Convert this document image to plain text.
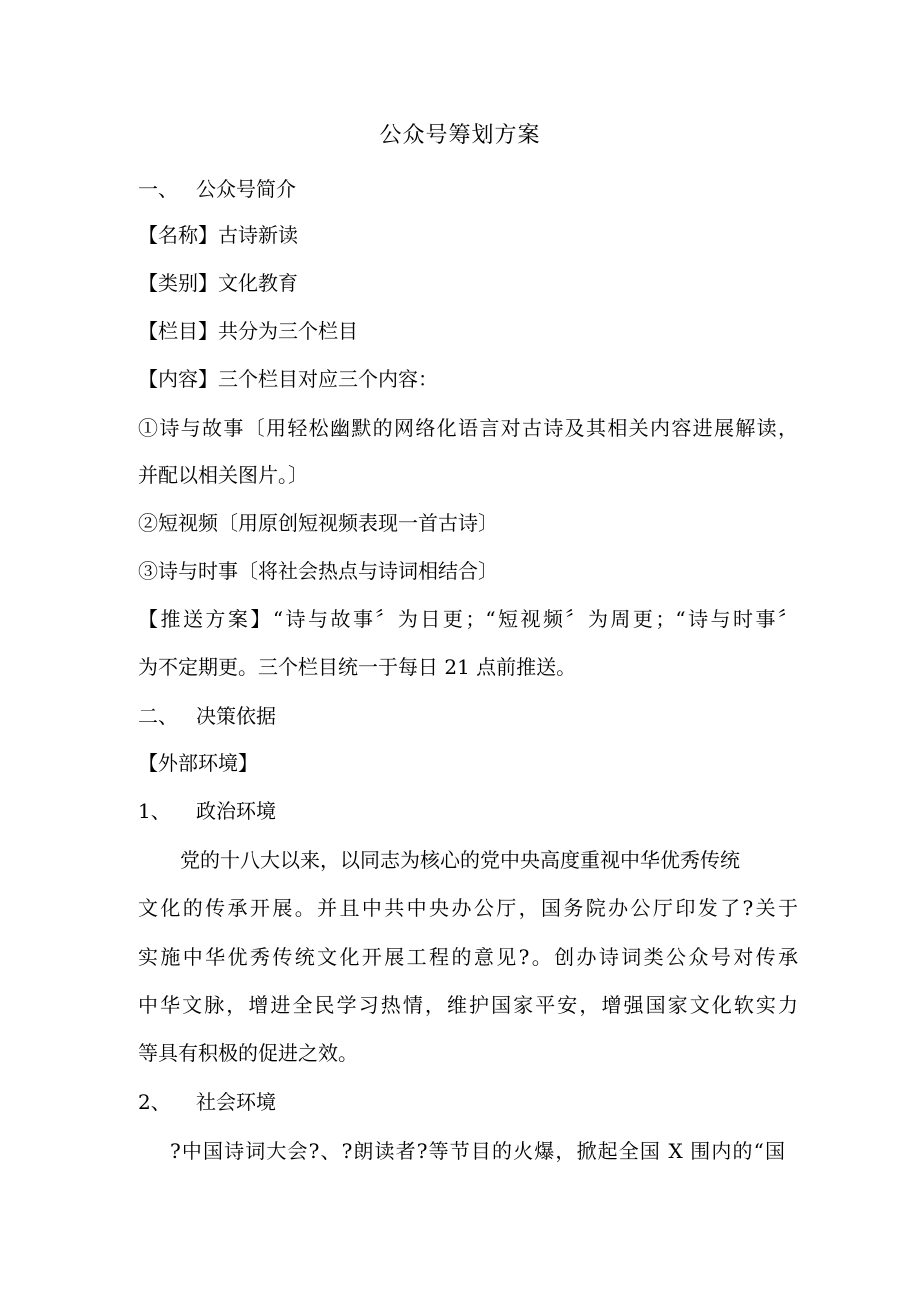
公众号筹划方案
一、 公众号简介
【名称】古诗新读
【类别】文化教育
【栏目】共分为三个栏目
【内容】三个栏目对应三个内容：
①诗与故事〔用轻松幽默的网络化语言对古诗及其相关内容进展解读，
并配以相关图片。〕
②短视频〔用原创短视频表现一首古诗〕
③诗与时事〔将社会热点与诗词相结合〕
【推送方案】“诗与故事〞为日更；“短视频〞为周更；“诗与时事〞
为不定期更。三个栏目统一于每日 21 点前推送。
二、 决策依据
【外部环境】
1、 政治环境
党的十八大以来，以同志为核心的党中央高度重视中华优秀传统
文化的传承开展。并且中共中央办公厅，国务院办公厅印发了?关于
实施中华优秀传统文化开展工程的意见?。创办诗词类公众号对传承
中华文脉，增进全民学习热情，维护国家平安，增强国家文化软实力
等具有积极的促进之效。
2、 社会环境
?中国诗词大会?、?朗读者?等节目的火爆，掀起全国 X 围内的“国
